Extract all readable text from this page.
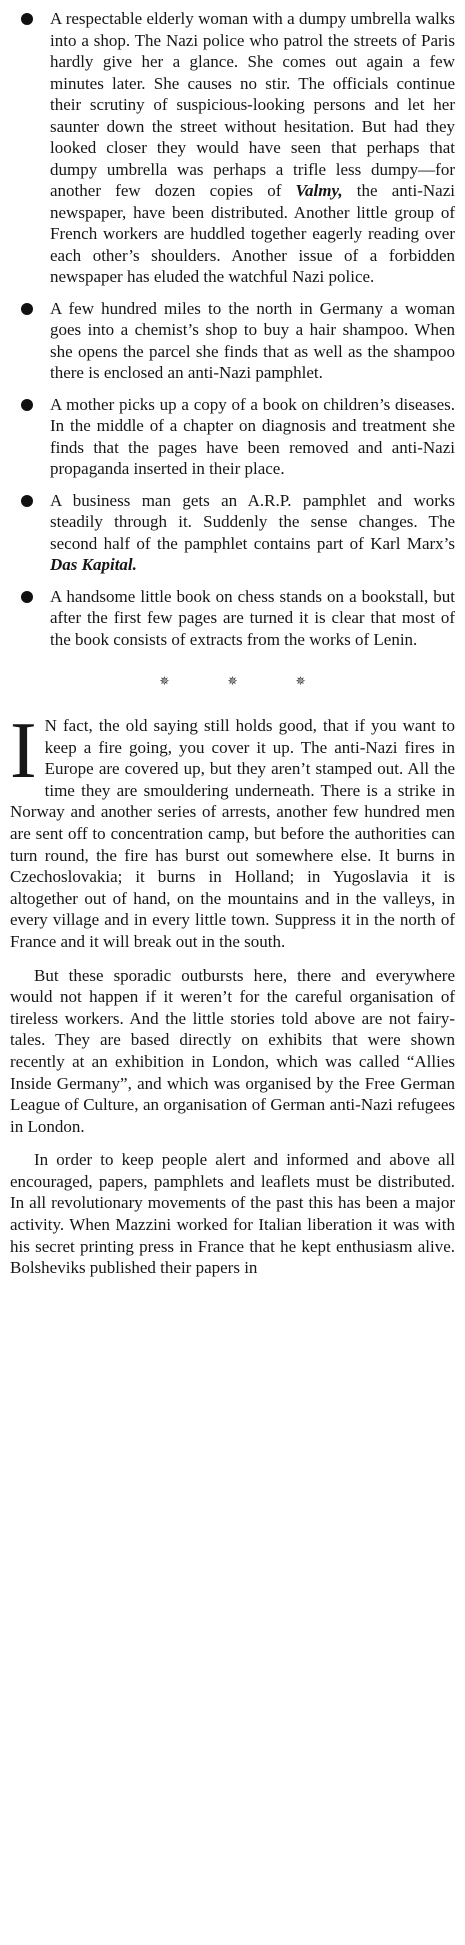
A respectable elderly woman with a dumpy umbrella walks into a shop. The Nazi police who patrol the streets of Paris hardly give her a glance. She comes out again a few minutes later. She causes no stir. The officials continue their scrutiny of suspicious-looking persons and let her saunter down the street without hesitation. But had they looked closer they would have seen that perhaps that dumpy umbrella was perhaps a trifle less dumpy—for another few dozen copies of Valmy, the anti-Nazi newspaper, have been distributed. Another little group of French workers are huddled together eagerly reading over each other’s shoulders. Another issue of a forbidden newspaper has eluded the watchful Nazi police.

A few hundred miles to the north in Germany a woman goes into a chemist’s shop to buy a hair shampoo. When she opens the parcel she finds that as well as the shampoo there is enclosed an anti-Nazi pamphlet.

A mother picks up a copy of a book on children’s diseases. In the middle of a chapter on diagnosis and treatment she finds that the pages have been removed and anti-Nazi propaganda inserted in their place.

A business man gets an A.R.P. pamphlet and works steadily through it. Suddenly the sense changes. The second half of the pamphlet contains part of Karl Marx’s Das Kapital.

A handsome little book on chess stands on a bookstall, but after the first few pages are turned it is clear that most of the book consists of extracts from the works of Lenin.

✵	✵	✵

I N fact, the old saying still holds good, that if you want to keep a fire going, you cover it up. The anti-Nazi fires in Europe are covered up, but they aren’t stamped out. All the time they are smouldering underneath. There is a strike in Norway and another series of arrests, another few hundred men are sent off to concentration camp, but before the authorities can turn round, the fire has burst out somewhere else. It burns in Czechoslovakia; it burns in Holland; in Yugoslavia it is altogether out of hand, on the mountains and in the valleys, in every village and in every little town. Suppress it in the north of France and it will break out in the south.

But these sporadic outbursts here, there and everywhere would not happen if it weren’t for the careful organisation of tireless workers. And the little stories told above are not fairy-tales. They are based directly on exhibits that were shown recently at an exhibition in London, which was called “Allies Inside Germany”, and which was organised by the Free German League of Culture, an organisation of German anti-Nazi refugees in London.

In order to keep people alert and informed and above all encouraged, papers, pamphlets and leaflets must be distributed. In all revolutionary movements of the past this has been a major activity. When Mazzini worked for Italian liberation it was with his secret printing press in France that he kept enthusiasm alive. Bolsheviks published their papers in
